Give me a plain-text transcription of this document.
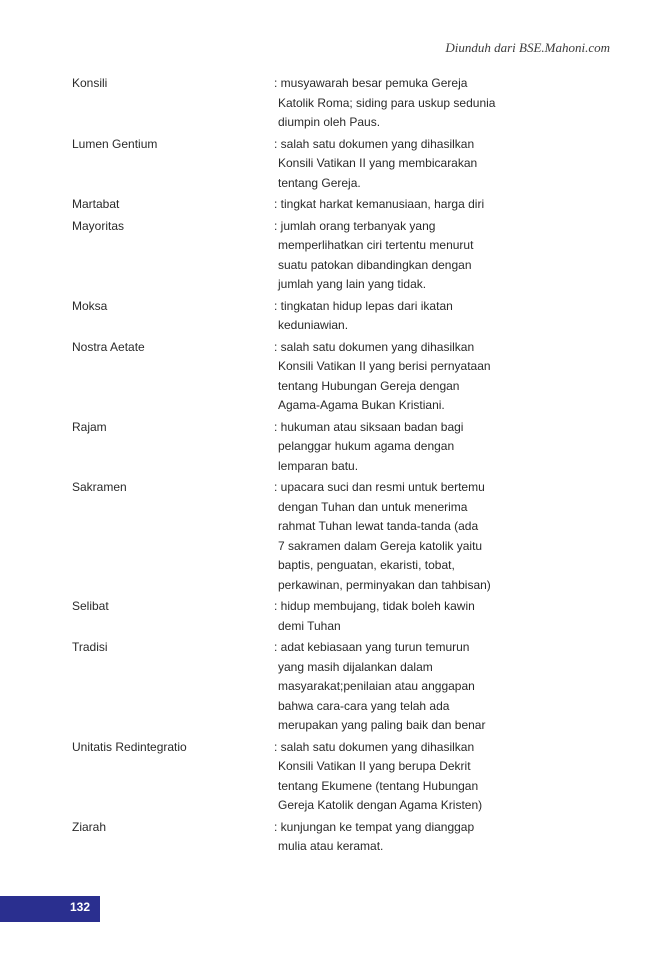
Diunduh dari BSE.Mahoni.com
Konsili	: musyawarah besar pemuka Gereja
Katolik Roma; siding para uskup sedunia
diumpin oleh Paus.
Lumen Gentium	: salah satu dokumen yang dihasilkan
Konsili Vatikan II yang membicarakan
tentang Gereja.
Martabat	: tingkat harkat kemanusiaan, harga diri
Mayoritas	: jumlah orang terbanyak yang
memperlihatkan ciri tertentu menurut
suatu patokan dibandingkan dengan
jumlah yang lain yang tidak.
Moksa	: tingkatan hidup lepas dari ikatan
keduniawian.
Nostra Aetate	: salah satu dokumen yang dihasilkan
Konsili Vatikan II yang berisi pernyataan
tentang Hubungan Gereja dengan
Agama-Agama Bukan Kristiani.
Rajam	: hukuman atau siksaan badan bagi
pelanggar hukum agama dengan
lemparan batu.
Sakramen	: upacara suci dan resmi untuk bertemu
dengan Tuhan dan untuk menerima
rahmat Tuhan lewat tanda-tanda (ada
7 sakramen dalam Gereja katolik yaitu
baptis, penguatan, ekaristi, tobat,
perkawinan, perminyakan dan tahbisan)
Selibat	: hidup membujang, tidak boleh kawin
demi Tuhan
Tradisi	: adat kebiasaan yang turun temurun
yang masih dijalankan dalam
masyarakat;penilaian atau anggapan
bahwa cara-cara yang telah ada
merupakan yang paling baik dan benar
Unitatis Redintegratio	: salah satu dokumen yang dihasilkan
Konsili Vatikan II yang berupa Dekrit
tentang Ekumene (tentang Hubungan
Gereja Katolik dengan Agama Kristen)
Ziarah	: kunjungan ke tempat yang dianggap
mulia atau keramat.
132
